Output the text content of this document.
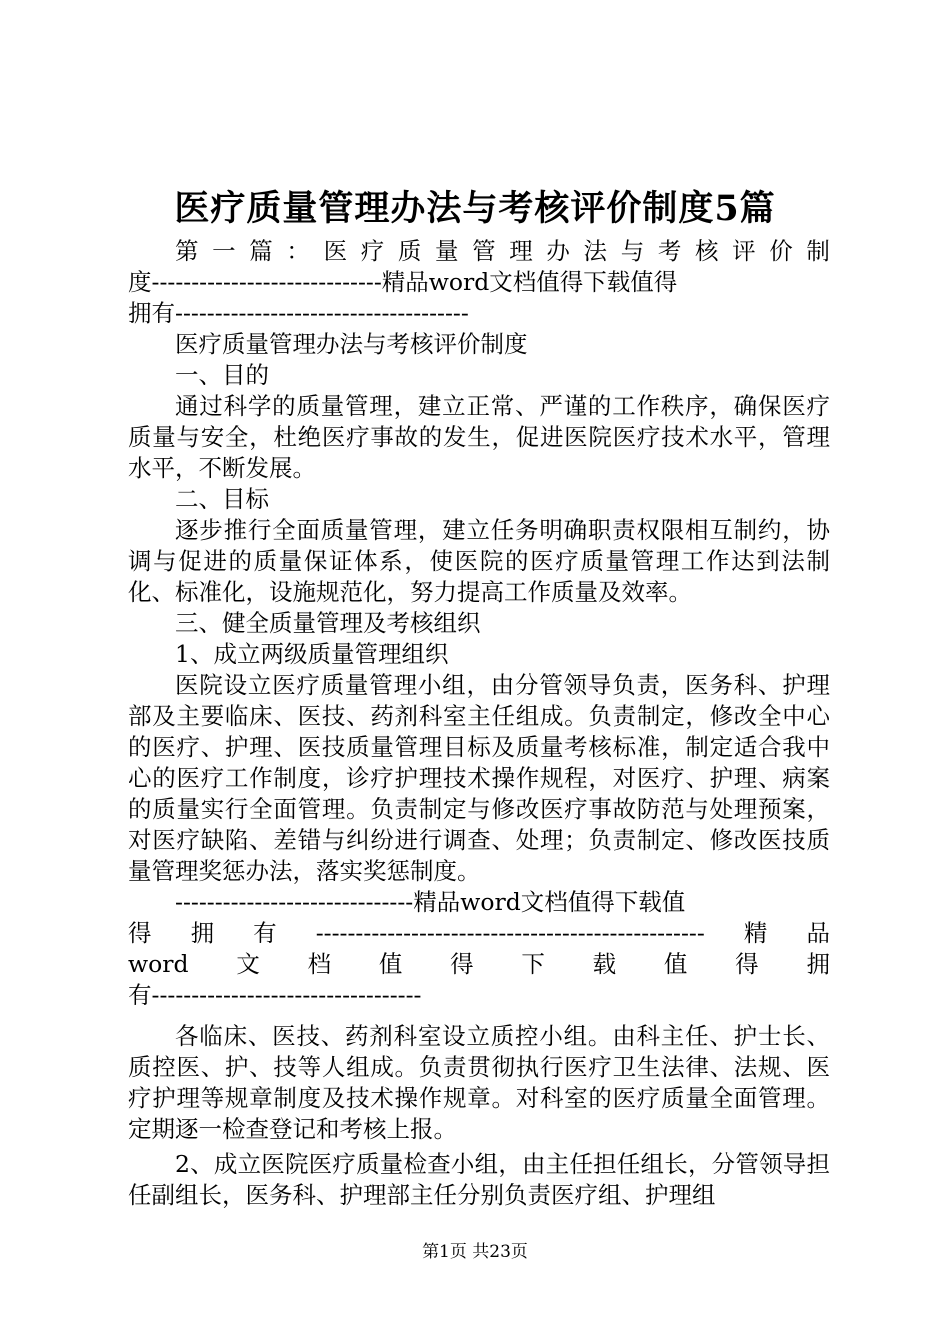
医疗质量管理办法与考核评价制度5篇
第 一 篇 ： 医 疗 质 量 管 理 办 法 与 考 核 评 价 制
度-----------------------------精品word文档值得下载值得
拥有-------------------------------------

医疗质量管理办法与考核评价制度

一、目的

通过科学的质量管理，建立正常、严谨的工作秩序，确保医疗质量与安全，杜绝医疗事故的发生，促进医院医疗技术水平，管理水平，不断发展。

二、目标

逐步推行全面质量管理，建立任务明确职责权限相互制约，协调与促进的质量保证体系，使医院的医疗质量管理工作达到法制化、标准化，设施规范化，努力提高工作质量及效率。

三、健全质量管理及考核组织

1、成立两级质量管理组织

医院设立医疗质量管理小组，由分管领导负责，医务科、护理部及主要临床、医技、药剂科室主任组成。负责制定，修改全中心的医疗、护理、医技质量管理目标及质量考核标准，制定适合我中心的医疗工作制度，诊疗护理技术操作规程，对医疗、护理、病案的质量实行全面管理。负责制定与修改医疗事故防范与处理预案，对医疗缺陷、差错与纠纷进行调查、处理；负责制定、修改医技质量管理奖惩办法，落实奖惩制度。

------------------------------精品word文档值得下载值
得 拥 有 ------------------------------------------------- 精 品
word 文 档 值 得 下 载 值 得 拥
有----------------------------------

各临床、医技、药剂科室设立质控小组。由科主任、护士长、质控医、护、技等人组成。负责贯彻执行医疗卫生法律、法规、医疗护理等规章制度及技术操作规章。对科室的医疗质量全面管理。定期逐一检查登记和考核上报。

2、成立医院医疗质量检查小组，由主任担任组长，分管领导担任副组长，医务科、护理部主任分别负责医疗组、护理组

第1页 共23页
